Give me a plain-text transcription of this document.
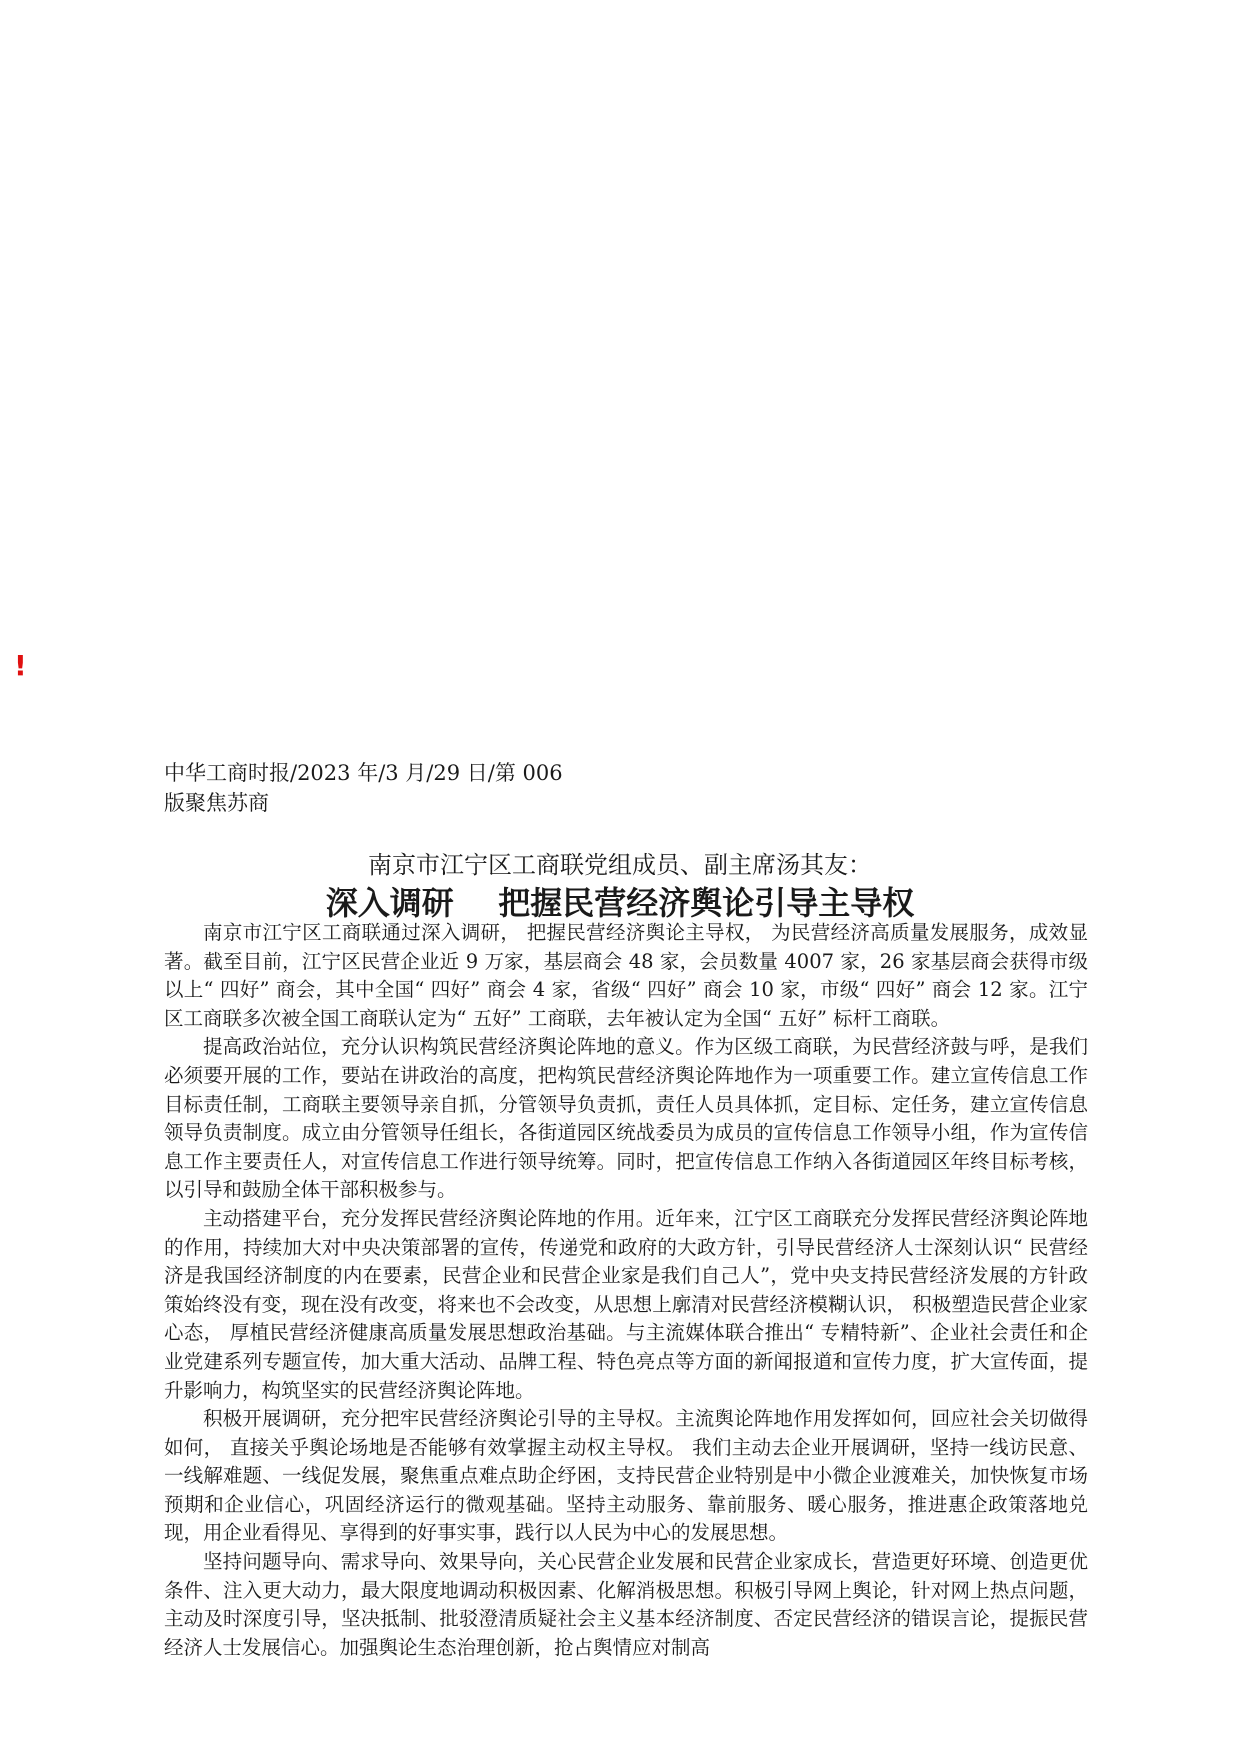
!
中华工商时报/2023 年/3 月/29 日/第 006
版聚焦苏商
南京市江宁区工商联党组成员、副主席汤其友：
深入调研    把握民营经济舆论引导主导权

南京市江宁区工商联通过深入调研， 把握民营经济舆论主导权， 为民营经济高质量发展服务，成效显著。截至目前，江宁区民营企业近 9 万家，基层商会 48 家，会员数量 4007 家，26 家基层商会获得市级以上“ 四好” 商会，其中全国“ 四好” 商会 4 家，省级“ 四好” 商会 10 家，市级“ 四好” 商会 12 家。江宁区工商联多次被全国工商联认定为“ 五好” 工商联，去年被认定为全国“ 五好” 标杆工商联。

提高政治站位，充分认识构筑民营经济舆论阵地的意义。作为区级工商联，为民营经济鼓与呼，是我们必须要开展的工作，要站在讲政治的高度，把构筑民营经济舆论阵地作为一项重要工作。建立宣传信息工作目标责任制，工商联主要领导亲自抓，分管领导负责抓，责任人员具体抓，定目标、定任务，建立宣传信息领导负责制度。成立由分管领导任组长，各街道园区统战委员为成员的宣传信息工作领导小组，作为宣传信息工作主要责任人，对宣传信息工作进行领导统筹。同时，把宣传信息工作纳入各街道园区年终目标考核，以引导和鼓励全体干部积极参与。

主动搭建平台，充分发挥民营经济舆论阵地的作用。近年来，江宁区工商联充分发挥民营经济舆论阵地的作用，持续加大对中央决策部署的宣传，传递党和政府的大政方针，引导民营经济人士深刻认识“ 民营经济是我国经济制度的内在要素，民营企业和民营企业家是我们自己人”，党中央支持民营经济发展的方针政策始终没有变，现在没有改变，将来也不会改变，从思想上廓清对民营经济模糊认识， 积极塑造民营企业家心态， 厚植民营经济健康高质量发展思想政治基础。与主流媒体联合推出“ 专精特新”、企业社会责任和企业党建系列专题宣传，加大重大活动、品牌工程、特色亮点等方面的新闻报道和宣传力度，扩大宣传面，提升影响力，构筑坚实的民营经济舆论阵地。

积极开展调研，充分把牢民营经济舆论引导的主导权。主流舆论阵地作用发挥如何，回应社会关切做得如何， 直接关乎舆论场地是否能够有效掌握主动权主导权。 我们主动去企业开展调研，坚持一线访民意、一线解难题、一线促发展，聚焦重点难点助企纾困，支持民营企业特别是中小微企业渡难关，加快恢复市场预期和企业信心，巩固经济运行的微观基础。坚持主动服务、靠前服务、暖心服务，推进惠企政策落地兑现，用企业看得见、享得到的好事实事，践行以人民为中心的发展思想。

坚持问题导向、需求导向、效果导向，关心民营企业发展和民营企业家成长，营造更好环境、创造更优条件、注入更大动力，最大限度地调动积极因素、化解消极思想。积极引导网上舆论，针对网上热点问题，主动及时深度引导，坚决抵制、批驳澄清质疑社会主义基本经济制度、否定民营经济的错误言论，提振民营经济人士发展信心。加强舆论生态治理创新，抢占舆情应对制高
